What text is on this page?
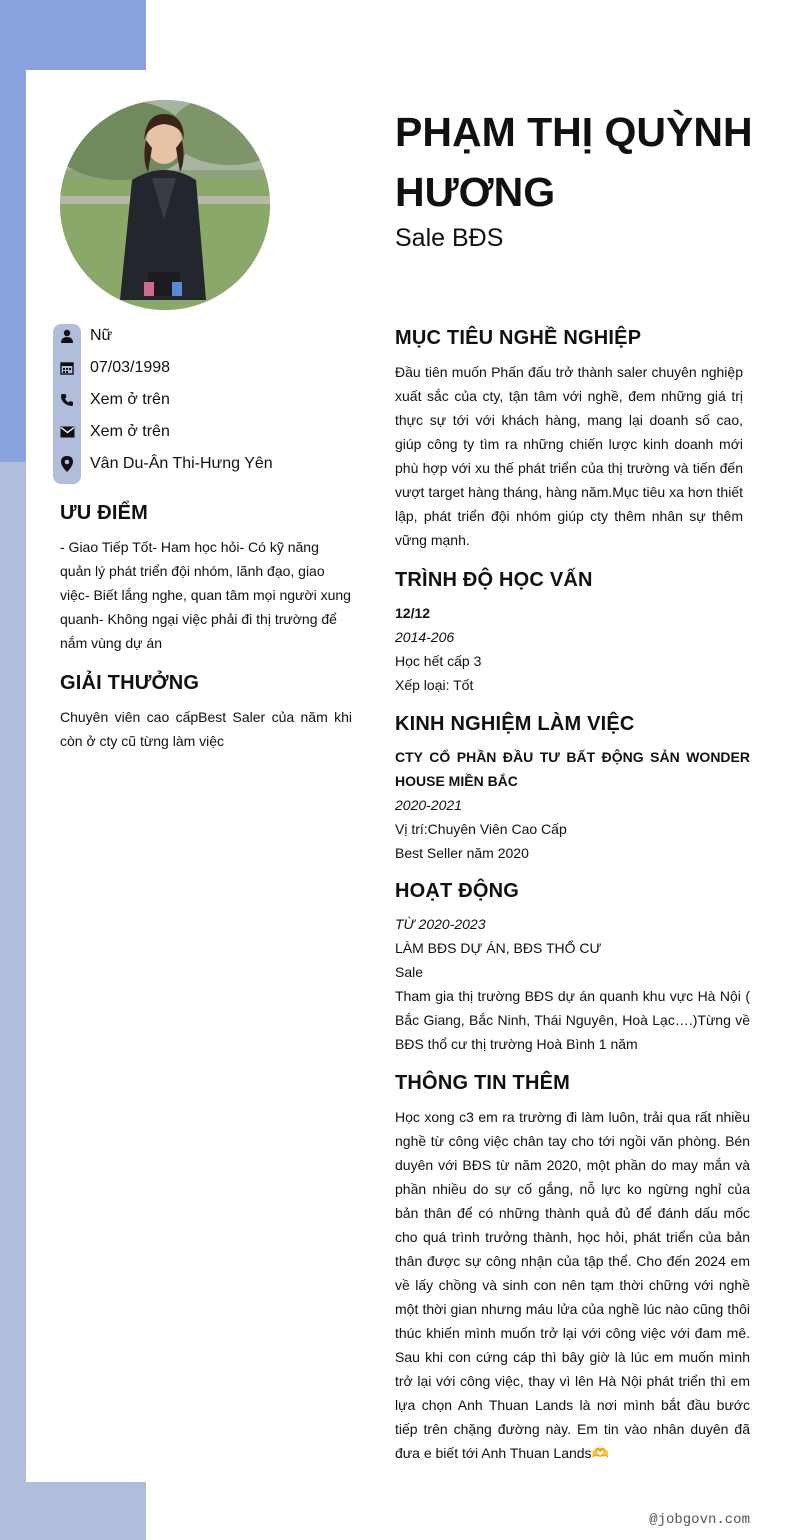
PHẠM THỊ QUỲNH HƯƠNG
Sale BĐS
Nữ
07/03/1998
Xem ở trên
Xem ở trên
Vân Du-Ân Thi-Hưng Yên
ƯU ĐIỂM
- Giao Tiếp Tốt- Ham học hỏi- Có kỹ năng quản lý phát triển đội nhóm, lãnh đạo, giao việc- Biết lắng nghe, quan tâm mọi người xung quanh- Không ngại việc phải đi thị trường để nắm vùng dự án
GIẢI THƯỞNG
Chuyên viên cao cấpBest Saler của năm khi còn ở cty cũ từng làm việc
MỤC TIÊU NGHỀ NGHIỆP
Đầu tiên muốn Phấn đấu trở thành saler chuyên nghiệp xuất sắc của cty, tận tâm với nghề, đem những giá trị thực sự tới với khách hàng, mang lại doanh số cao, giúp công ty tìm ra những chiến lược kinh doanh mới phù hợp với xu thế phát triển của thị trường và tiến đến vượt target hàng tháng, hàng năm.Mục tiêu xa hơn thiết lập, phát triển đội nhóm giúp cty thêm nhân sự thêm vững mạnh.
TRÌNH ĐỘ HỌC VẤN
12/12
2014-206
Học hết cấp 3
Xếp loại: Tốt
KINH NGHIỆM LÀM VIỆC
CTY CỔ PHẦN ĐẦU TƯ BẤT ĐỘNG SẢN WONDER HOUSE MIỀN BẮC
2020-2021
Vị trí:Chuyên Viên Cao Cấp
Best Seller năm 2020
HOẠT ĐỘNG
TỪ 2020-2023
LÀM BĐS DỰ ÁN, BĐS THỔ CƯ
Sale
Tham gia thị trường BĐS dự án quanh khu vực Hà Nội ( Bắc Giang, Bắc Ninh, Thái Nguyên, Hoà Lạc….)Từng về BĐS thổ cư thị trường Hoà Bình 1 năm
THÔNG TIN THÊM
Học xong c3 em ra trường đi làm luôn, trải qua rất nhiều nghề từ công việc chân tay cho tới ngồi văn phòng. Bén duyên với BĐS từ năm 2020, một phần do may mắn và phần nhiều do sự cố gắng, nỗ lực ko ngừng nghỉ của bản thân để có những thành quả đủ để đánh dấu mốc cho quá trình trưởng thành, học hỏi, phát triển của bản thân được sự công nhận của tập thể. Cho đến 2024 em về lấy chồng và sinh con nên tạm thời chững với nghề một thời gian nhưng máu lửa của nghề lúc nào cũng thôi thúc khiến mình muốn trở lại với công việc với đam mê. Sau khi con cứng cáp thì bây giờ là lúc em muốn mình trở lại với công việc, thay vì lên Hà Nội phát triển thì em lựa chọn Anh Thuan Lands là nơi mình bắt đầu bước tiếp trên chặng đường này. Em tin vào nhân duyên đã đưa e biết tới Anh Thuan Lands🫶
@jobgovn.com
